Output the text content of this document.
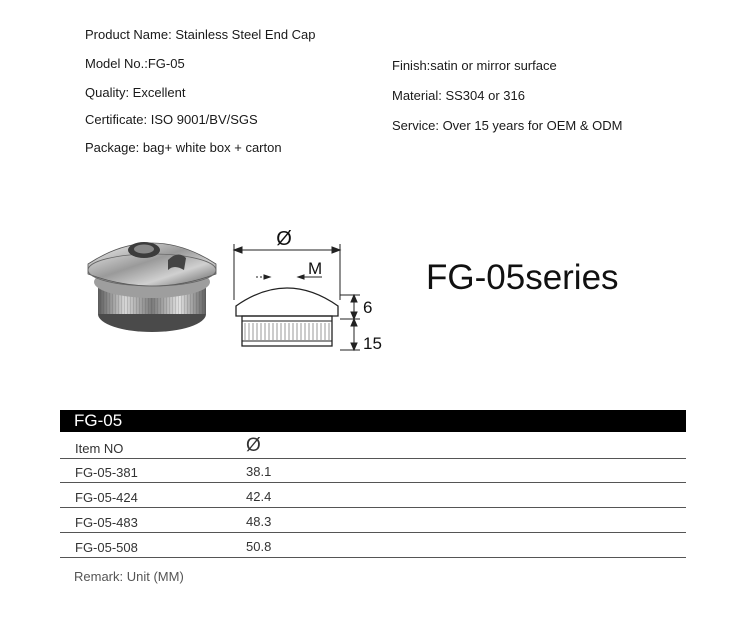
Product Name: Stainless Steel End Cap
Model No.:FG-05
Quality: Excellent
Certificate: ISO 9001/BV/SGS
Package: bag+ white box + carton
Finish:satin or mirror surface
Material: SS304 or 316
Service: Over 15 years for OEM & ODM
Ø
M
6
15
FG-05series
FG-05
Item NO	Ø
FG-05-381	38.1
FG-05-424	42.4
FG-05-483	48.3
FG-05-508	50.8
Remark: Unit (MM)
